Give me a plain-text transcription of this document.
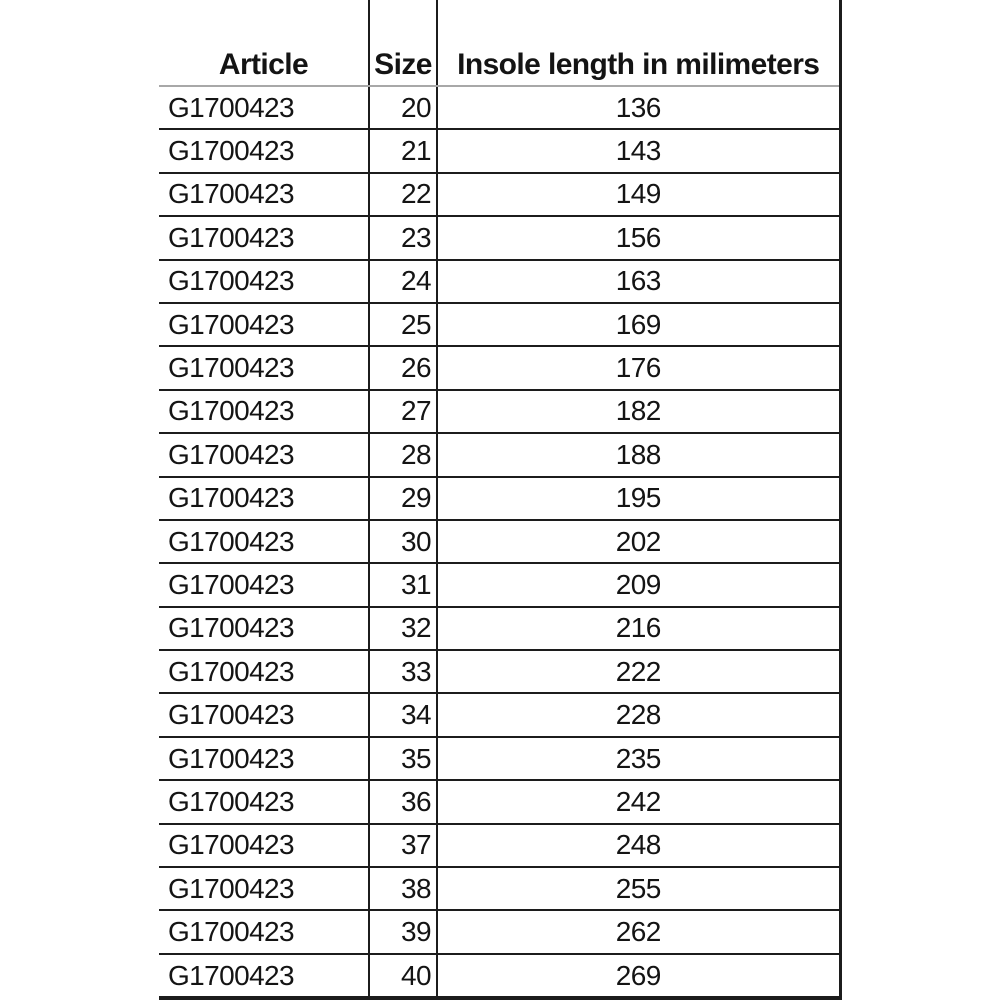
Article	Size	Insole length in milimeters
G1700423	20	136
G1700423	21	143
G1700423	22	149
G1700423	23	156
G1700423	24	163
G1700423	25	169
G1700423	26	176
G1700423	27	182
G1700423	28	188
G1700423	29	195
G1700423	30	202
G1700423	31	209
G1700423	32	216
G1700423	33	222
G1700423	34	228
G1700423	35	235
G1700423	36	242
G1700423	37	248
G1700423	38	255
G1700423	39	262
G1700423	40	269
